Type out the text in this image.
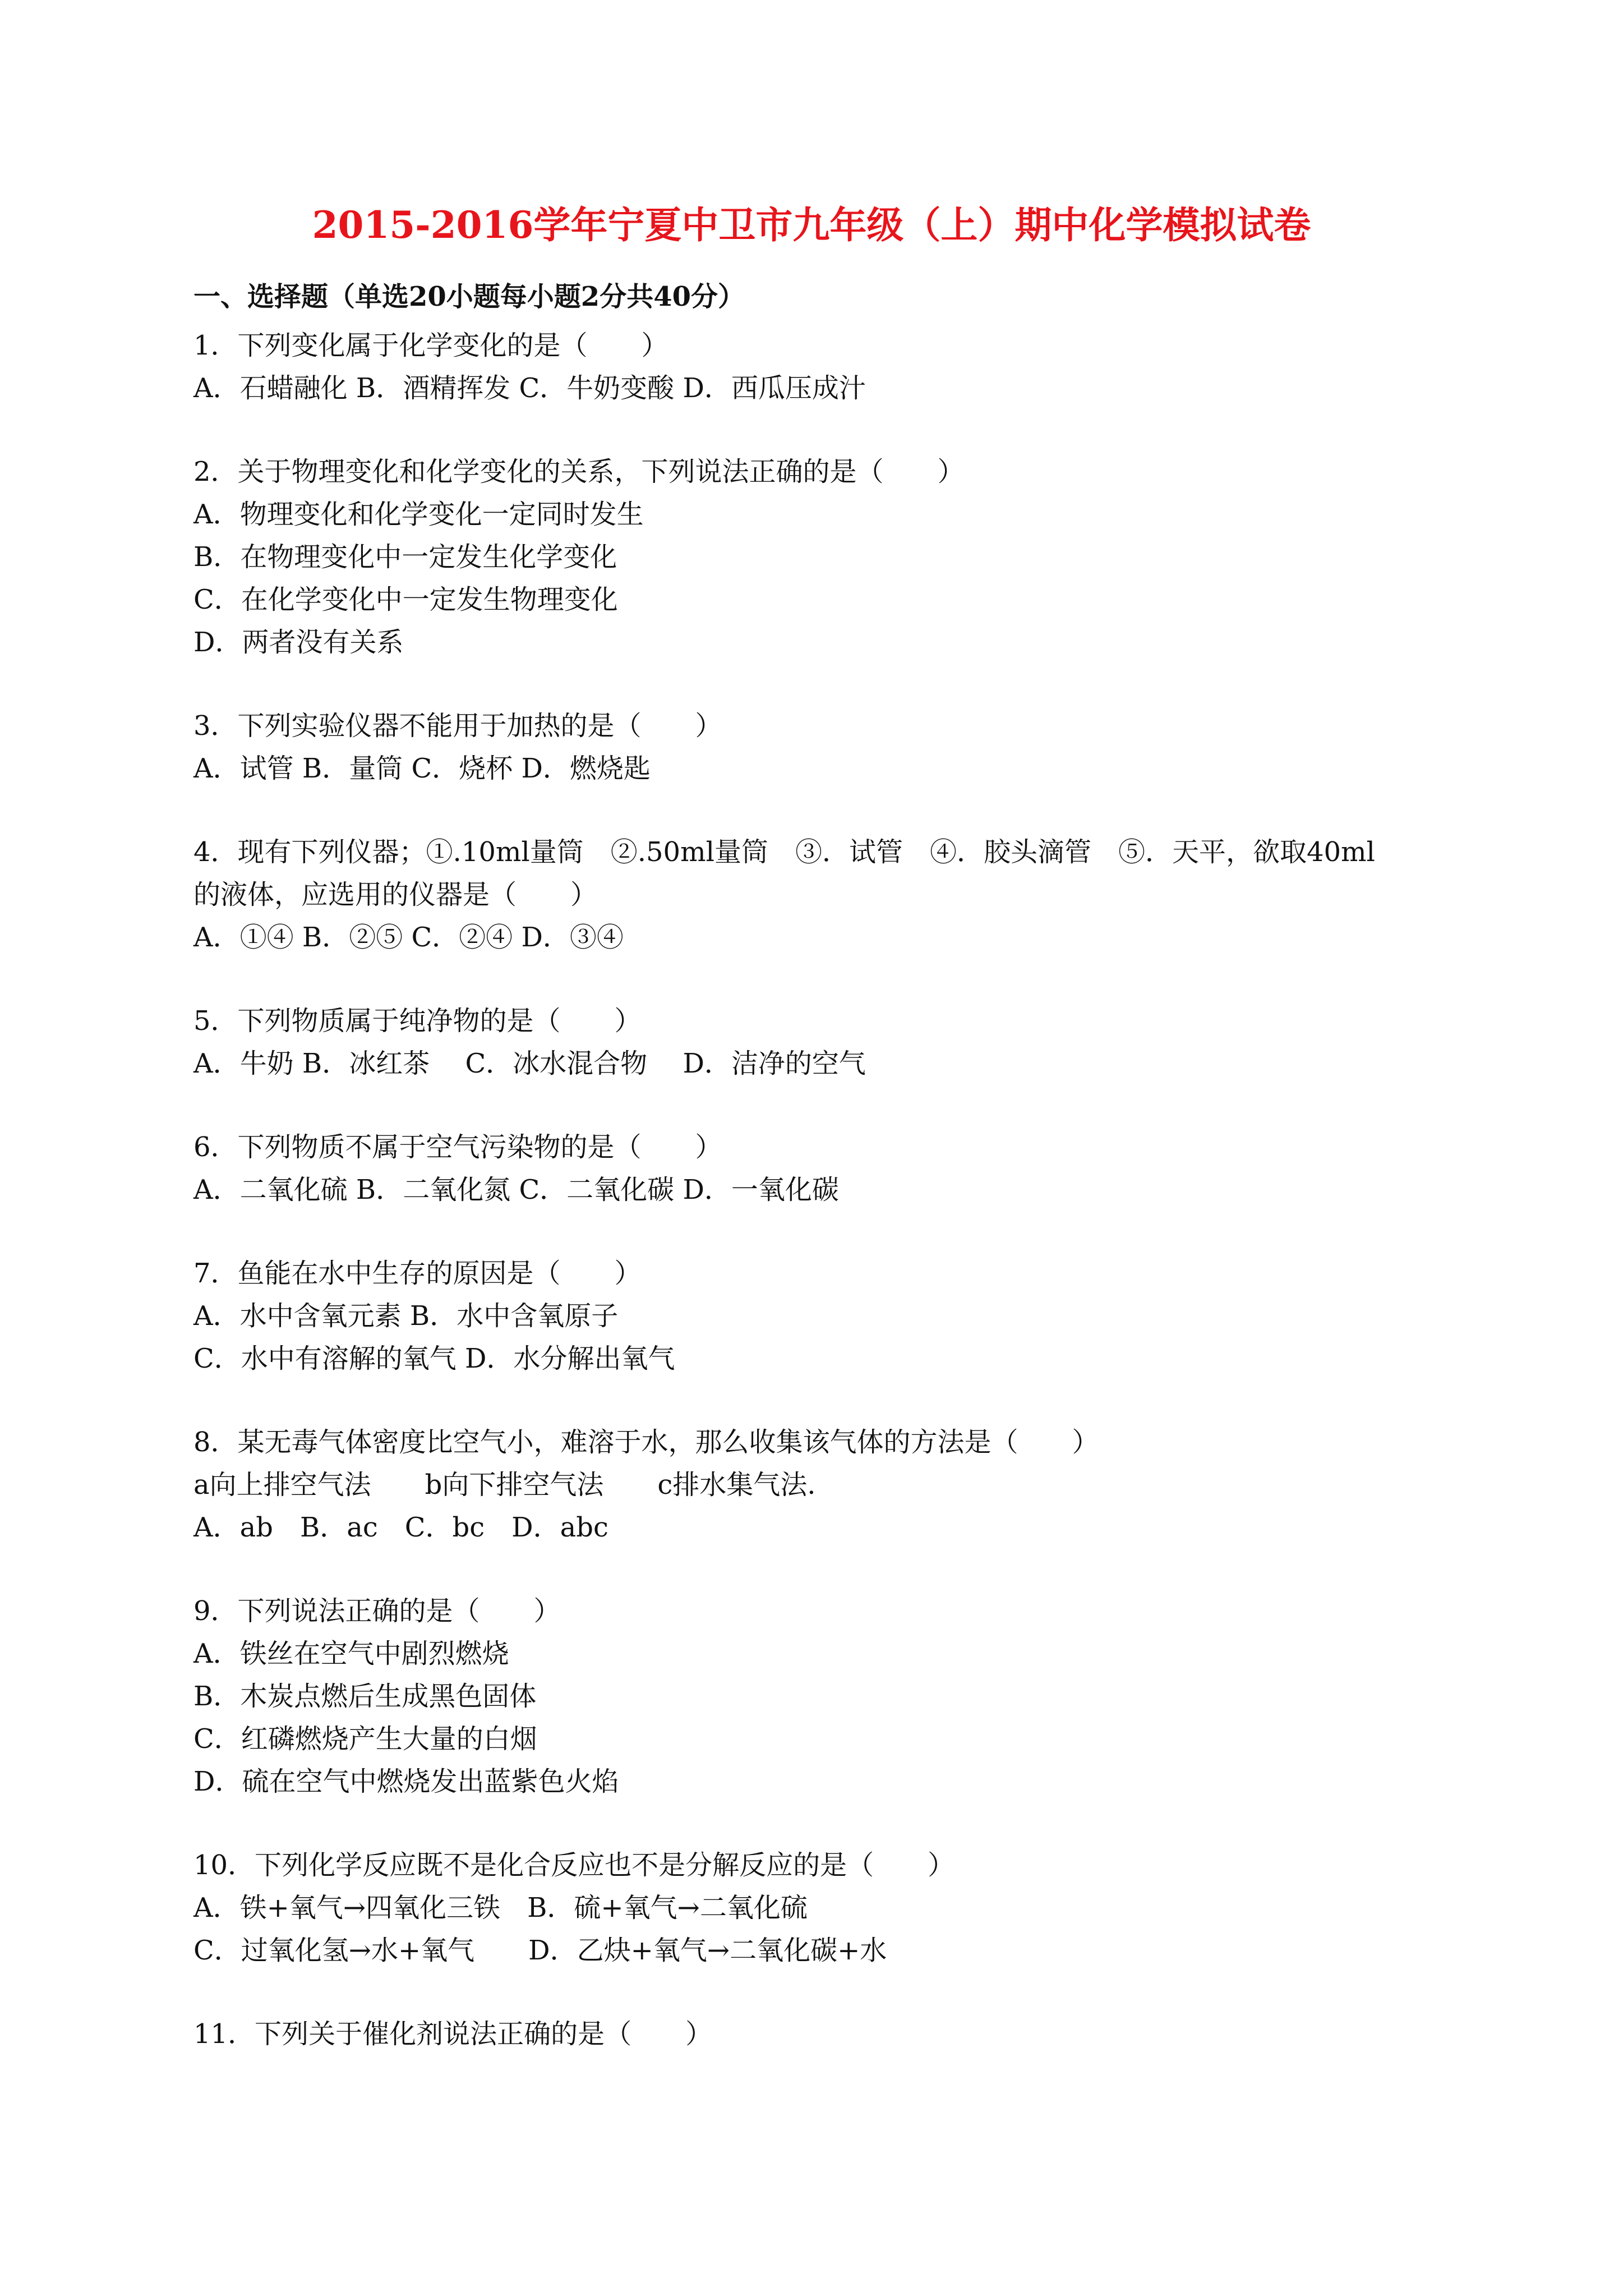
2015-2016学年宁夏中卫市九年级（上）期中化学模拟试卷
一、选择题（单选20小题每小题2分共40分）
1．下列变化属于化学变化的是（　　）
A．石蜡融化 B．酒精挥发 C．牛奶变酸 D．西瓜压成汁
2．关于物理变化和化学变化的关系，下列说法正确的是（　　）
A．物理变化和化学变化一定同时发生
B．在物理变化中一定发生化学变化
C．在化学变化中一定发生物理变化
D．两者没有关系
3．下列实验仪器不能用于加热的是（　　）
A．试管 B．量筒 C．烧杯 D．燃烧匙
4．现有下列仪器；①.10ml量筒　②.50ml量筒　③．试管　④．胶头滴管　⑤．天平，欲取40ml
的液体，应选用的仪器是（　　）
A．①④ B．②⑤ C．②④ D．③④
5．下列物质属于纯净物的是（　　）
A．牛奶 B．冰红茶　 C．冰水混合物　 D．洁净的空气
6．下列物质不属于空气污染物的是（　　）
A．二氧化硫 B．二氧化氮 C．二氧化碳 D．一氧化碳
7．鱼能在水中生存的原因是（　　）
A．水中含氧元素 B．水中含氧原子
C．水中有溶解的氧气 D．水分解出氧气
8．某无毒气体密度比空气小，难溶于水，那么收集该气体的方法是（　　）
a向上排空气法　　b向下排空气法　　c排水集气法.
A．ab　B．ac　C．bc　D．abc
9．下列说法正确的是（　　）
A．铁丝在空气中剧烈燃烧
B．木炭点燃后生成黑色固体
C．红磷燃烧产生大量的白烟
D．硫在空气中燃烧发出蓝紫色火焰
10．下列化学反应既不是化合反应也不是分解反应的是（　　）
A．铁+氧气→四氧化三铁　B．硫+氧气→二氧化硫
C．过氧化氢→水+氧气　　D．乙炔+氧气→二氧化碳+水
11．下列关于催化剂说法正确的是（　　）
